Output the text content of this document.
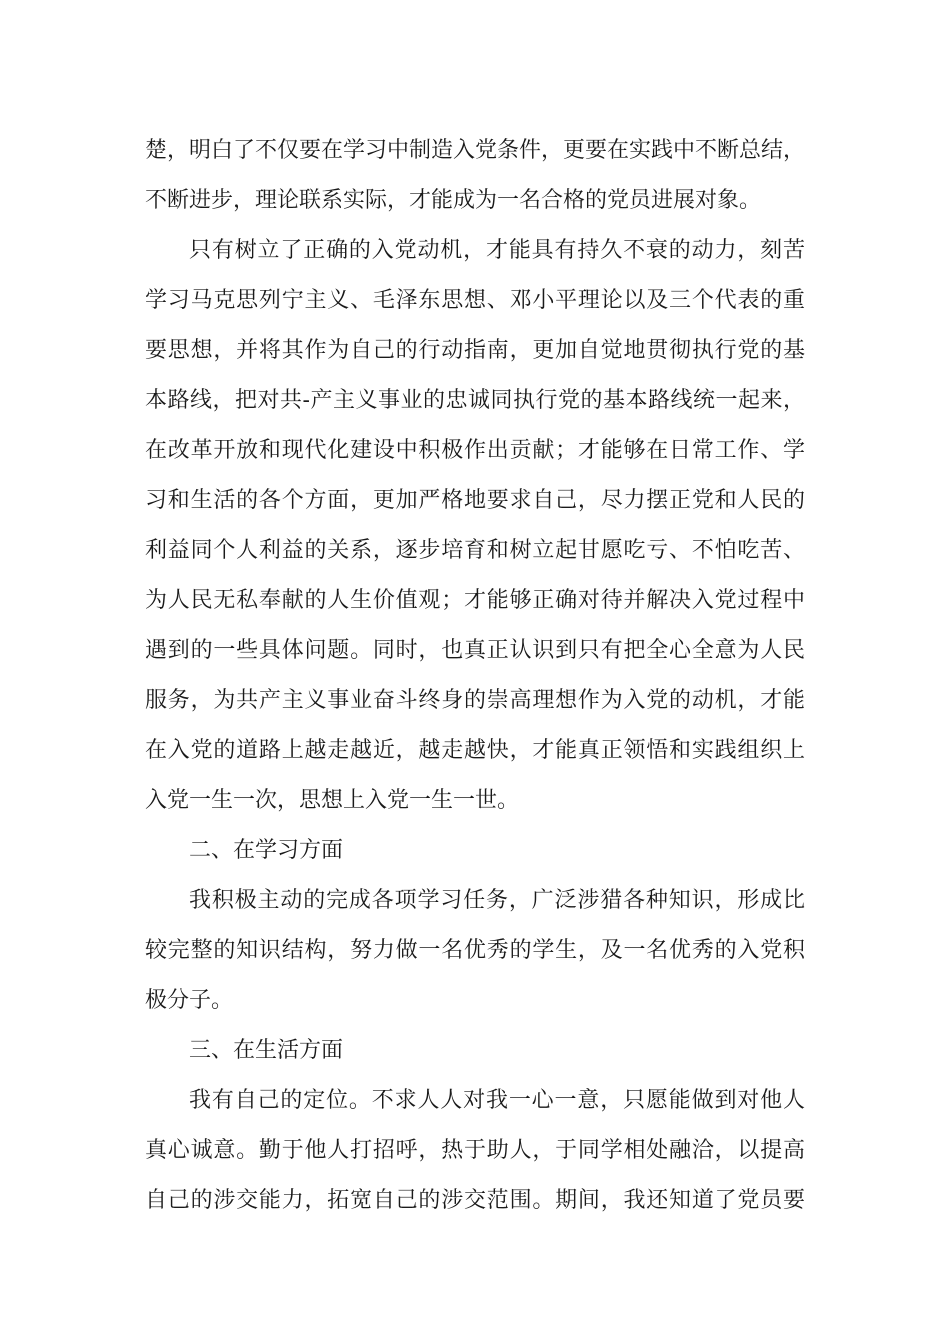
楚，明白了不仅要在学习中制造入党条件，更要在实践中不断总结，
不断进步，理论联系实际，才能成为一名合格的党员进展对象。
只有树立了正确的入党动机，才能具有持久不衰的动力，刻苦
学习马克思列宁主义、毛泽东思想、邓小平理论以及三个代表的重
要思想，并将其作为自己的行动指南，更加自觉地贯彻执行党的基
本路线，把对共-产主义事业的忠诚同执行党的基本路线统一起来，
在改革开放和现代化建设中积极作出贡献；才能够在日常工作、学
习和生活的各个方面，更加严格地要求自己，尽力摆正党和人民的
利益同个人利益的关系，逐步培育和树立起甘愿吃亏、不怕吃苦、
为人民无私奉献的人生价值观；才能够正确对待并解决入党过程中
遇到的一些具体问题。同时，也真正认识到只有把全心全意为人民
服务，为共产主义事业奋斗终身的崇高理想作为入党的动机，才能
在入党的道路上越走越近，越走越快，才能真正领悟和实践组织上
入党一生一次，思想上入党一生一世。
二、在学习方面
我积极主动的完成各项学习任务，广泛涉猎各种知识，形成比
较完整的知识结构，努力做一名优秀的学生，及一名优秀的入党积
极分子。
三、在生活方面
我有自己的定位。不求人人对我一心一意，只愿能做到对他人
真心诚意。勤于他人打招呼，热于助人，于同学相处融洽，以提高
自己的涉交能力，拓宽自己的涉交范围。期间，我还知道了党员要
